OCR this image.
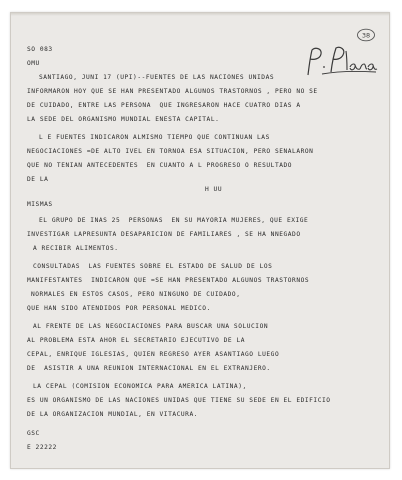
SO 083
OMU
38
SANTIAGO, JUNI 17 (UPI)--FUENTES DE LAS NACIONES UNIDAS
INFORMARON HOY QUE SE HAN PRESENTADO ALGUNOS TRASTORNOS , PERO NO SE
DE CUIDADO, ENTRE LAS PERSONA  QUE INGRESARON HACE CUATRO DIAS A
LA SEDE DEL ORGANISMO MUNDIAL ENESTA CAPITAL.
L E FUENTES INDICARON ALMISMO TIEMPO QUE CONTINUAN LAS
NEGOCIACIONES =DE ALTO IVEL EN TORNOA ESA SITUACION, PERO SENALARON
QUE NO TENIAN ANTECEDENTES  EN CUANTO A L PROGRESO O RESULTADO
DE LA
H UU
MISMAS
EL GRUPO DE INAS 25  PERSONAS  EN SU MAYORIA MUJERES, QUE EXIGE
INVESTIGAR LAPRESUNTA DESAPARICION DE FAMILIARES , SE HA NNEGADO
A RECIBIR ALIMENTOS.
CONSULTADAS  LAS FUENTES SOBRE EL ESTADO DE SALUD DE LOS
MANIFESTANTES  INDICARON QUE =SE HAN PRESENTADO ALGUNOS TRASTORNOS
NORMALES EN ESTOS CASOS, PERO NINGUNO DE CUIDADO,
QUE HAN SIDO ATENDIDOS POR PERSONAL MEDICO.
AL FRENTE DE LAS NEGOCIACIONES PARA BUSCAR UNA SOLUCION
AL PROBLEMA ESTA AHOR EL SECRETARIO EJECUTIVO DE LA
CEPAL, ENRIQUE IGLESIAS, QUIEN REGRESO AYER ASANTIAGO LUEGO
DE  ASISTIR A UNA REUNION INTERNACIONAL EN EL EXTRANJERO.
LA CEPAL (COMISION ECONOMICA PARA AMERICA LATINA),
ES UN ORGANISMO DE LAS NACIONES UNIDAS QUE TIENE SU SEDE EN EL EDIFICIO
DE LA ORGANIZACION MUNDIAL, EN VITACURA.
GSC
E 22222
